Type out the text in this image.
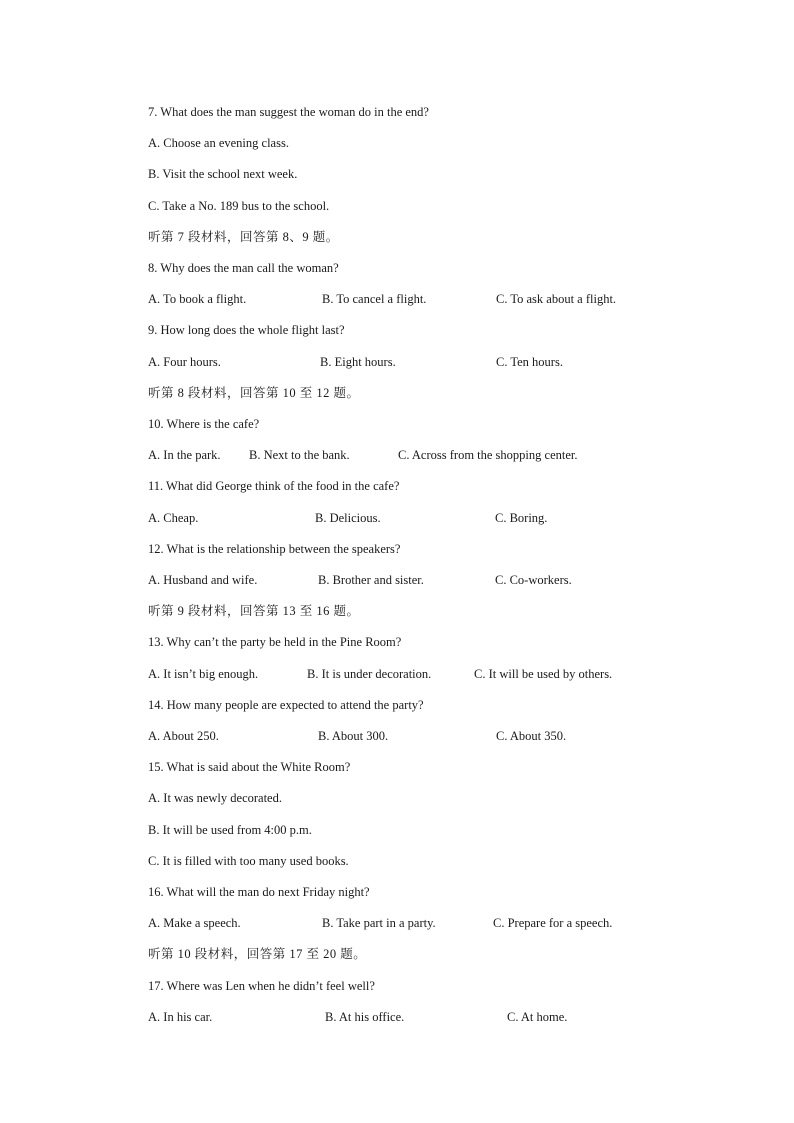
7. What does the man suggest the woman do in the end?
A. Choose an evening class.
B. Visit the school next week.
C. Take a No. 189 bus to the school.
听第 7 段材料，回答第 8、9 题。
8. Why does the man call the woman?
A. To book a flight.	B. To cancel a flight.	C. To ask about a flight.
9. How long does the whole flight last?
A. Four hours.	B. Eight hours.	C. Ten hours.
听第 8 段材料，回答第 10 至 12 题。
10. Where is the cafe?
A. In the park. B. Next to the bank.	C. Across from the shopping center.
11. What did George think of the food in the cafe?
A. Cheap.	B. Delicious.	C. Boring.
12. What is the relationship between the speakers?
A. Husband and wife.	B. Brother and sister.	C. Co-workers.
听第 9 段材料，回答第 13 至 16 题。
13. Why can’t the party be held in the Pine Room?
A. It isn’t big enough.	B. It is under decoration.	C. It will be used by others.
14. How many people are expected to attend the party?
A. About 250.	B. About 300.	C. About 350.
15. What is said about the White Room?
A. It was newly decorated.
B. It will be used from 4:00 p.m.
C. It is filled with too many used books.
16. What will the man do next Friday night?
A. Make a speech.	B. Take part in a party.	C. Prepare for a speech.
听第 10 段材料，回答第 17 至 20 题。
17. Where was Len when he didn’t feel well?
A. In his car.	B. At his office.	C. At home.
